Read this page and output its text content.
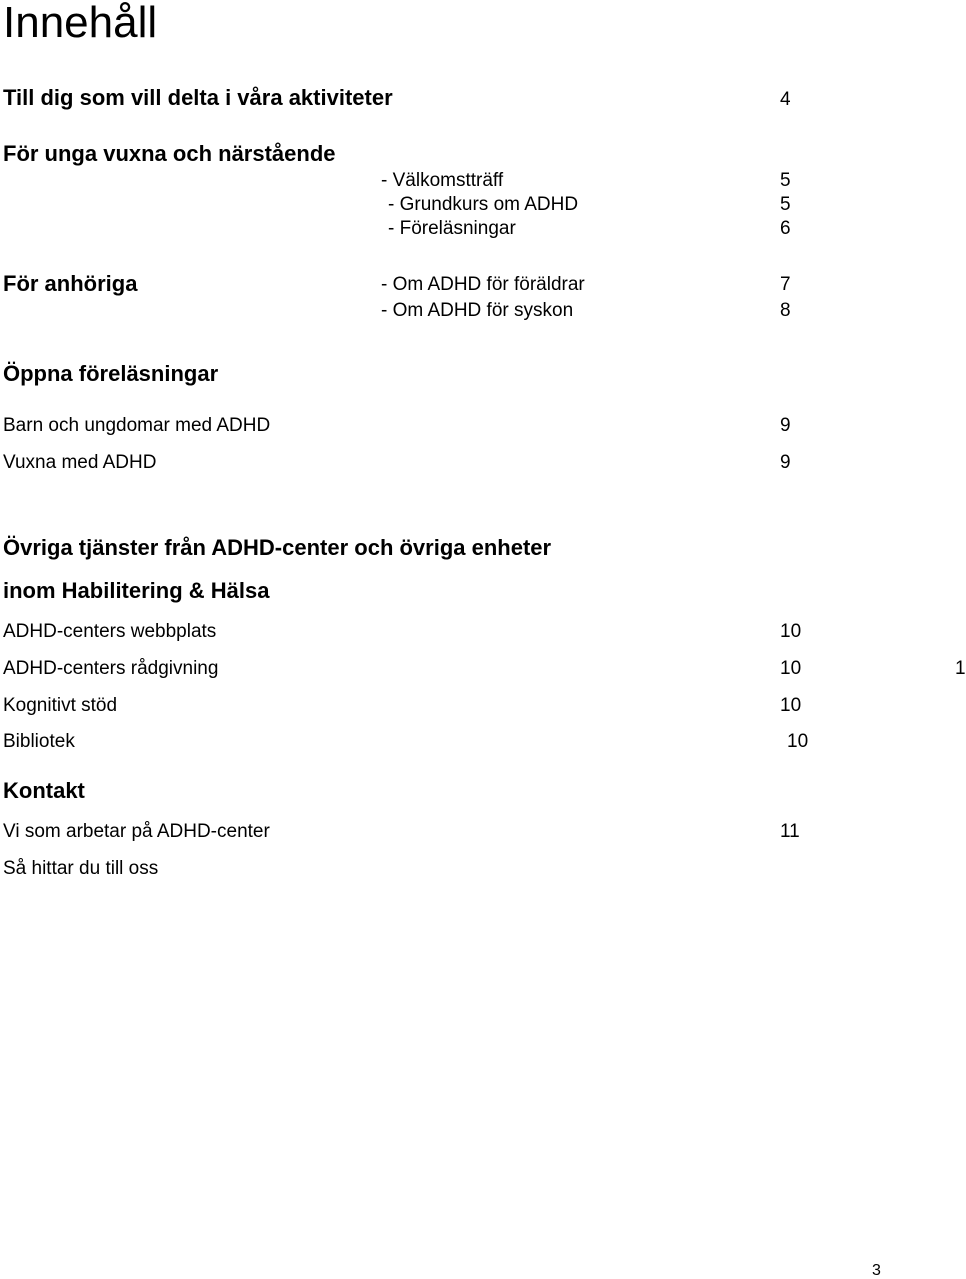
Innehåll
Till dig som vill delta i våra aktiviteter	4
För unga vuxna och närstående
- Välkomstträff	5
- Grundkurs om ADHD	5
- Föreläsningar	6
För anhöriga	- Om ADHD för föräldrar	7
- Om ADHD för syskon	8
Öppna föreläsningar
Barn och ungdomar med ADHD	9
Vuxna med ADHD	9
Övriga tjänster från ADHD-center och övriga enheter
inom Habilitering & Hälsa
ADHD-centers webbplats	10
ADHD-centers rådgivning	10
Kognitivt stöd	10
Bibliotek	10
Kontakt
Vi som arbetar på ADHD-center	11
Så hittar du till oss
1
3
